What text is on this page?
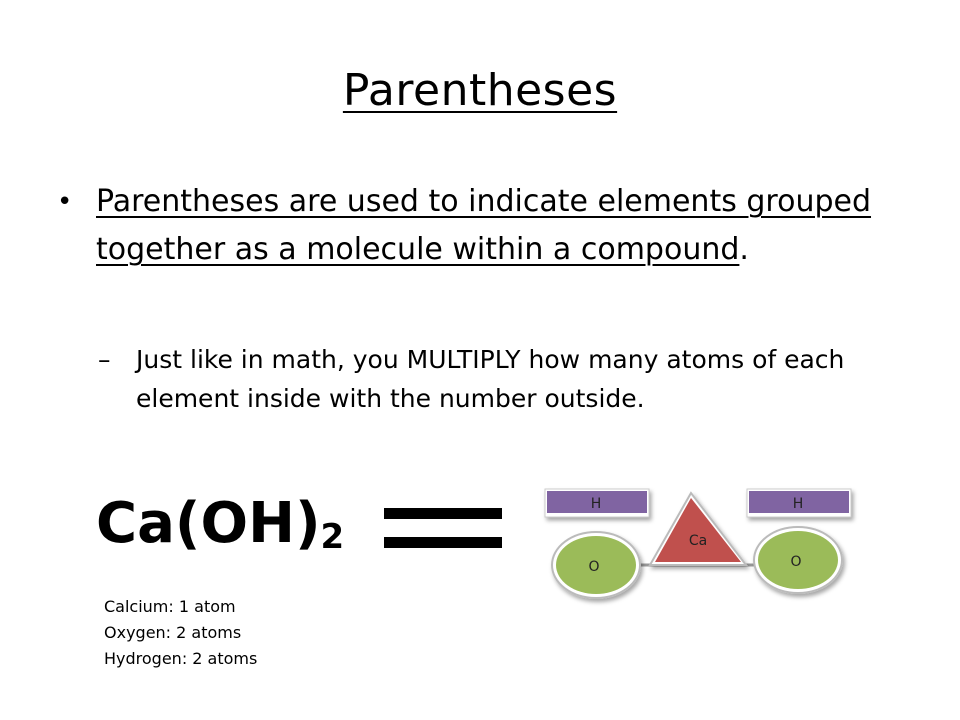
Parentheses
• Parentheses are used to indicate elements grouped together as a molecule within a compound.
– Just like in math, you MULTIPLY how many atoms of each element inside with the number outside.
$Ca(OH)_2$
Calcium: 1 atom
Oxygen: 2 atoms
Hydrogen: 2 atoms
H	H
O	O
Ca
